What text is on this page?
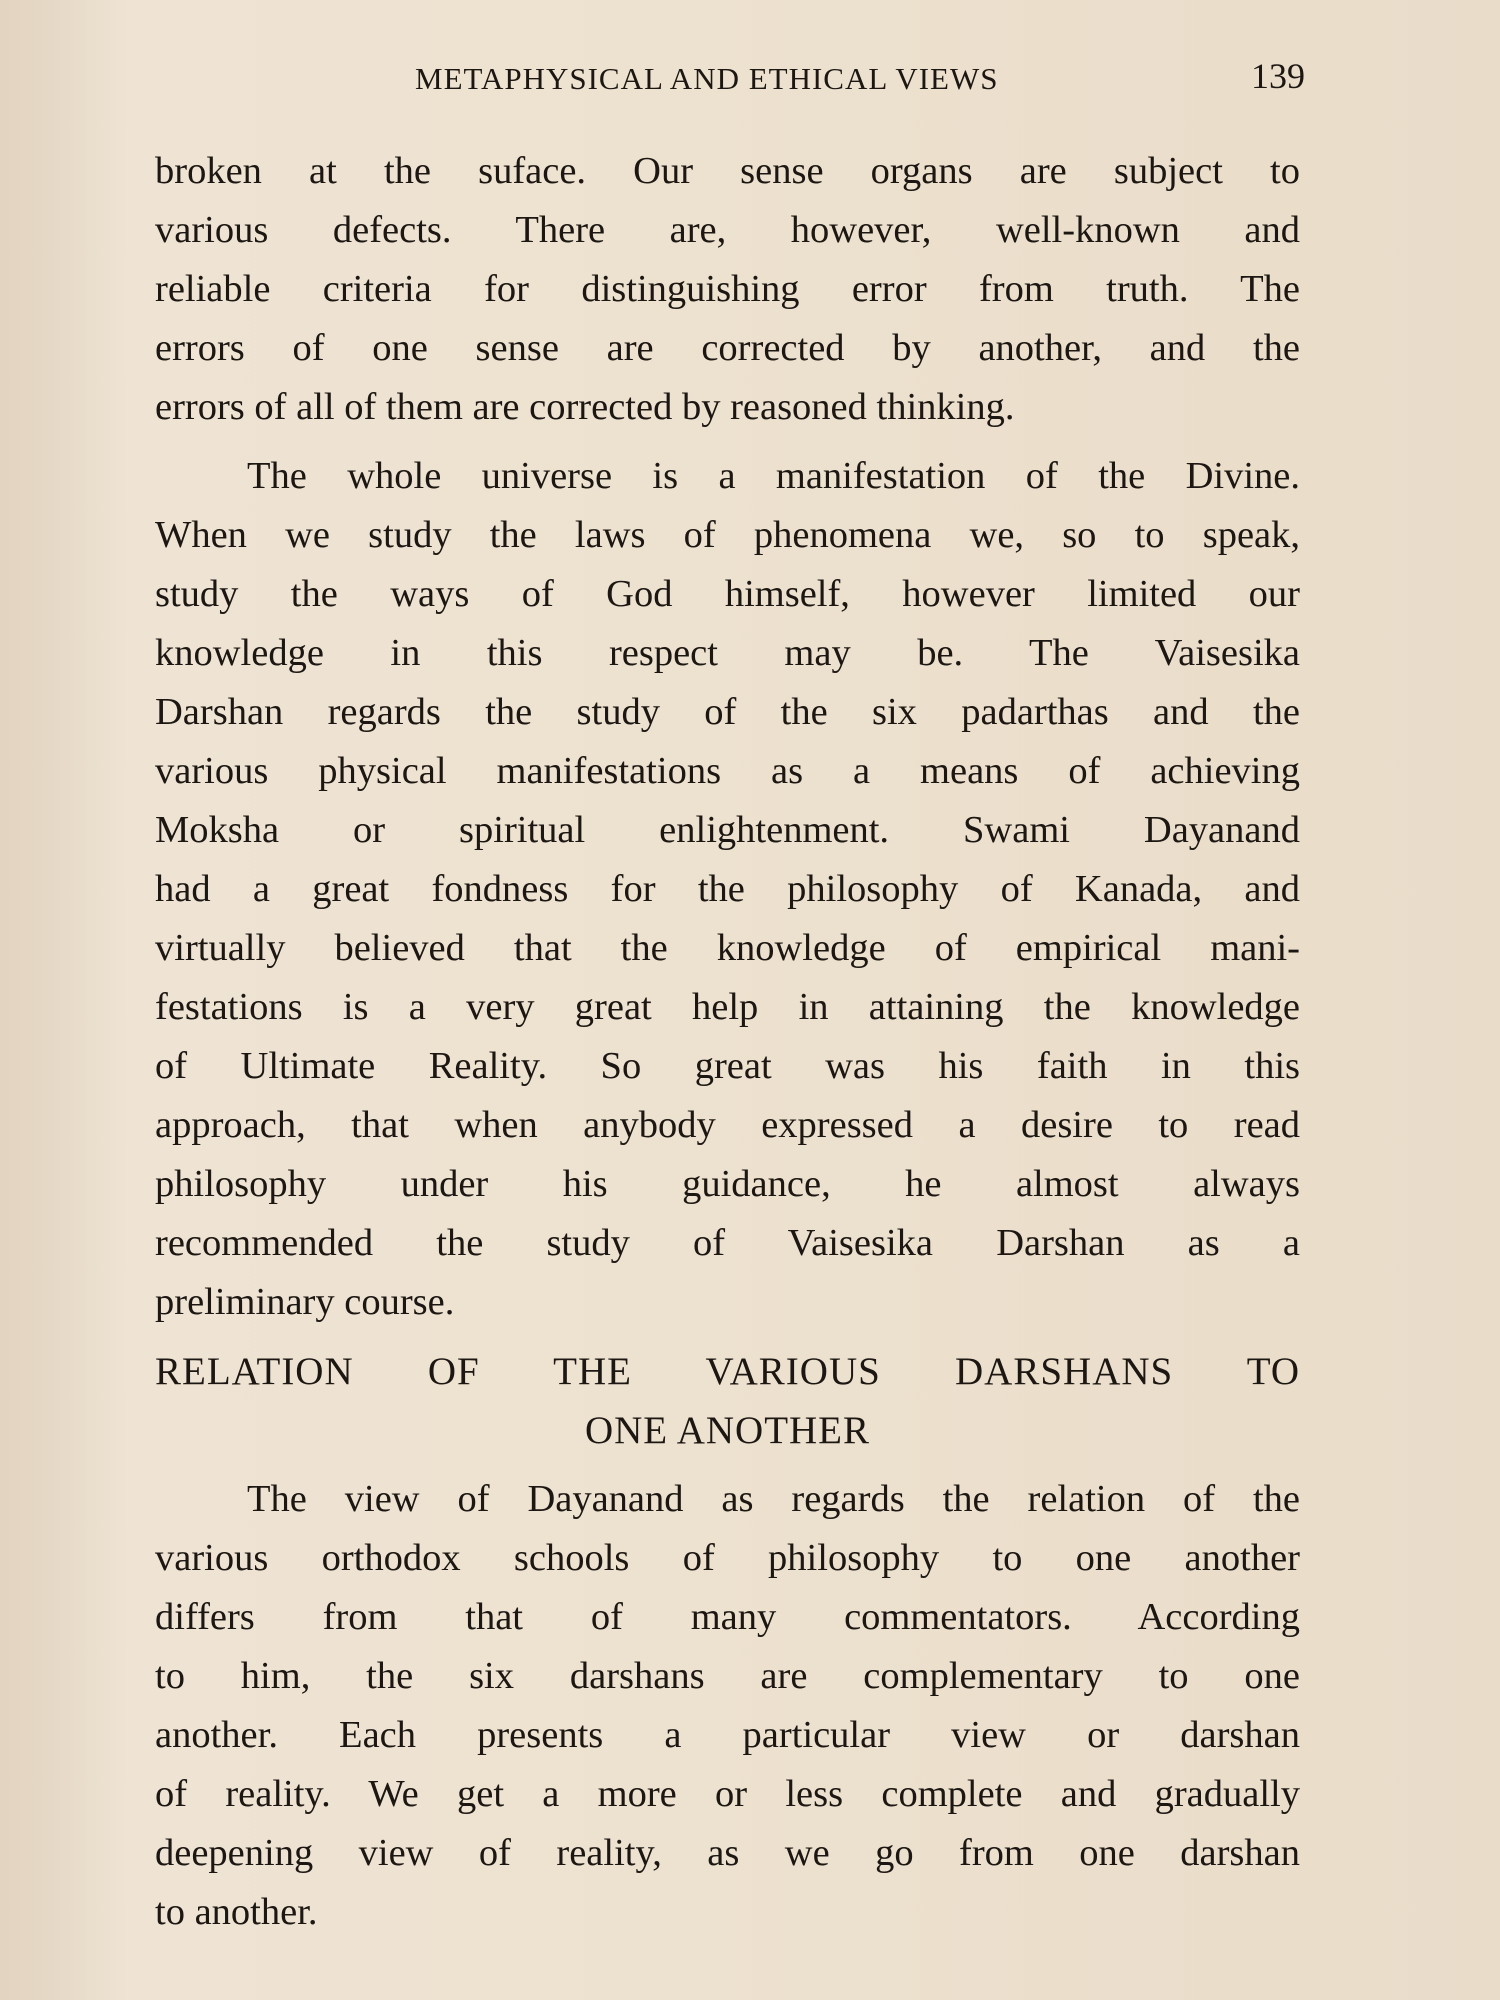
METAPHYSICAL AND ETHICAL VIEWS	139
broken at the suface. Our sense organs are subject to
various defects. There are, however, well-known and
reliable criteria for distinguishing error from truth. The
errors of one sense are corrected by another, and the
errors of all of them are corrected by reasoned thinking.
The whole universe is a manifestation of the Divine.
When we study the laws of phenomena we, so to speak,
study the ways of God himself, however limited our
knowledge in this respect may be. The Vaisesika
Darshan regards the study of the six padarthas and the
various physical manifestations as a means of achieving
Moksha or spiritual enlightenment. Swami Dayanand
had a great fondness for the philosophy of Kanada, and
virtually believed that the knowledge of empirical mani-
festations is a very great help in attaining the knowledge
of Ultimate Reality. So great was his faith in this
approach, that when anybody expressed a desire to read
philosophy under his guidance, he almost always
recommended the study of Vaisesika Darshan as a
preliminary course.
RELATION OF THE VARIOUS DARSHANS TO
ONE ANOTHER
The view of Dayanand as regards the relation of the
various orthodox schools of philosophy to one another
differs from that of many commentators. According
to him, the six darshans are complementary to one
another. Each presents a particular view or darshan
of reality. We get a more or less complete and gradually
deepening view of reality, as we go from one darshan
to another.
